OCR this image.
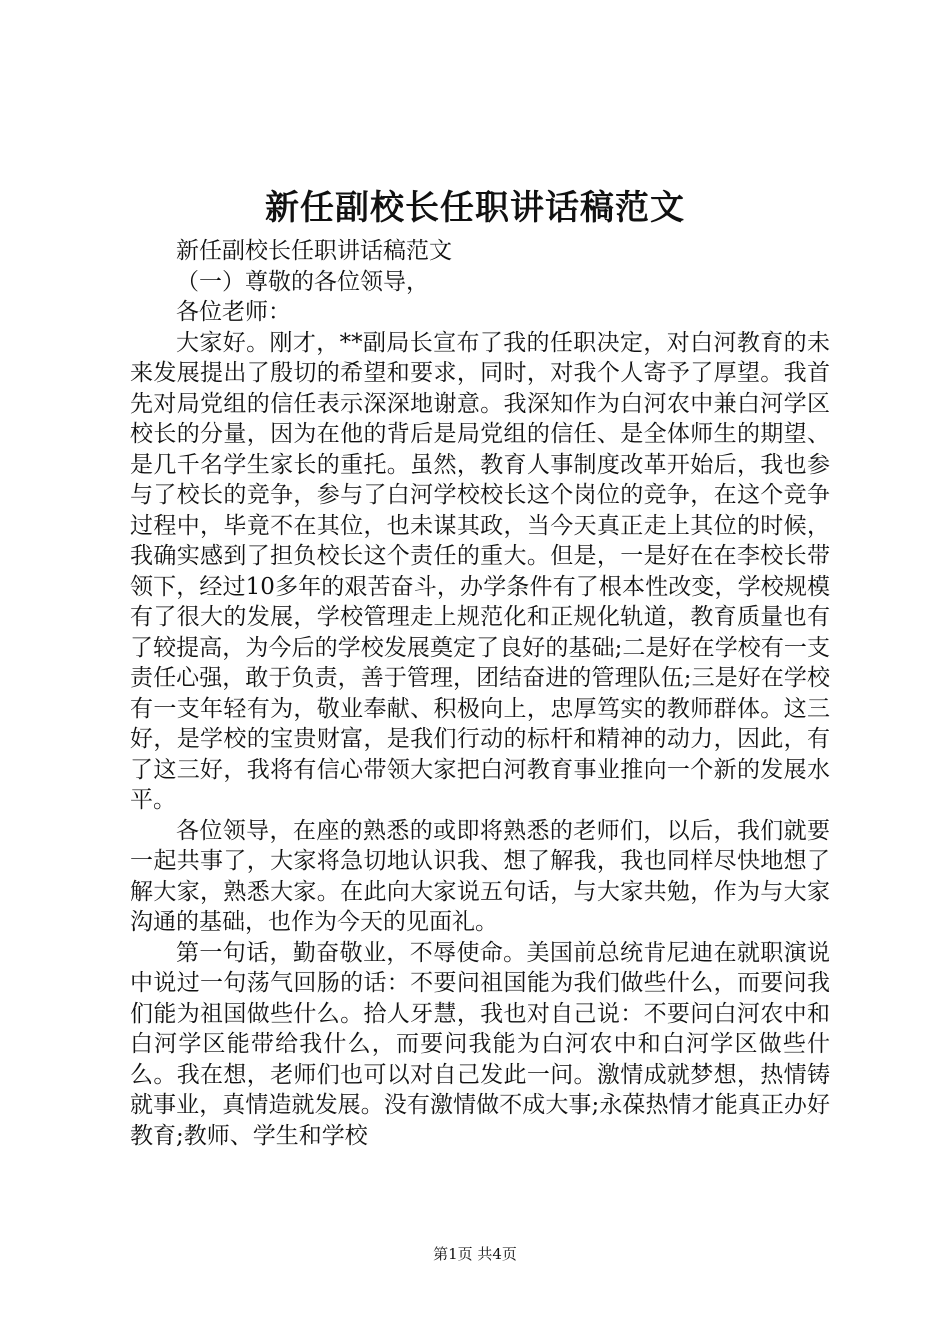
新任副校长任职讲话稿范文

新任副校长任职讲话稿范文

（一）尊敬的各位领导，

各位老师：

大家好。刚才，**副局长宣布了我的任职决定，对白河教育的未来发展提出了殷切的希望和要求，同时，对我个人寄予了厚望。我首先对局党组的信任表示深深地谢意。我深知作为白河农中兼白河学区校长的分量，因为在他的背后是局党组的信任、是全体师生的期望、是几千名学生家长的重托。虽然，教育人事制度改革开始后，我也参与了校长的竞争，参与了白河学校校长这个岗位的竞争，在这个竞争过程中，毕竟不在其位，也未谋其政，当今天真正走上其位的时候，我确实感到了担负校长这个责任的重大。但是，一是好在在李校长带领下，经过10多年的艰苦奋斗，办学条件有了根本性改变，学校规模有了很大的发展，学校管理走上规范化和正规化轨道，教育质量也有了较提高，为今后的学校发展奠定了良好的基础;二是好在学校有一支责任心强，敢于负责，善于管理，团结奋进的管理队伍;三是好在学校有一支年轻有为，敬业奉献、积极向上，忠厚笃实的教师群体。这三好，是学校的宝贵财富，是我们行动的标杆和精神的动力，因此，有了这三好，我将有信心带领大家把白河教育事业推向一个新的发展水平。

各位领导，在座的熟悉的或即将熟悉的老师们，以后，我们就要一起共事了，大家将急切地认识我、想了解我，我也同样尽快地想了解大家，熟悉大家。在此向大家说五句话，与大家共勉，作为与大家沟通的基础，也作为今天的见面礼。

第一句话，勤奋敬业，不辱使命。美国前总统肯尼迪在就职演说中说过一句荡气回肠的话：不要问祖国能为我们做些什么，而要问我们能为祖国做些什么。拾人牙慧，我也对自己说：不要问白河农中和白河学区能带给我什么，而要问我能为白河农中和白河学区做些什么。我在想，老师们也可以对自己发此一问。激情成就梦想，热情铸就事业，真情造就发展。没有激情做不成大事;永葆热情才能真正办好教育;教师、学生和学校

第1页 共4页
